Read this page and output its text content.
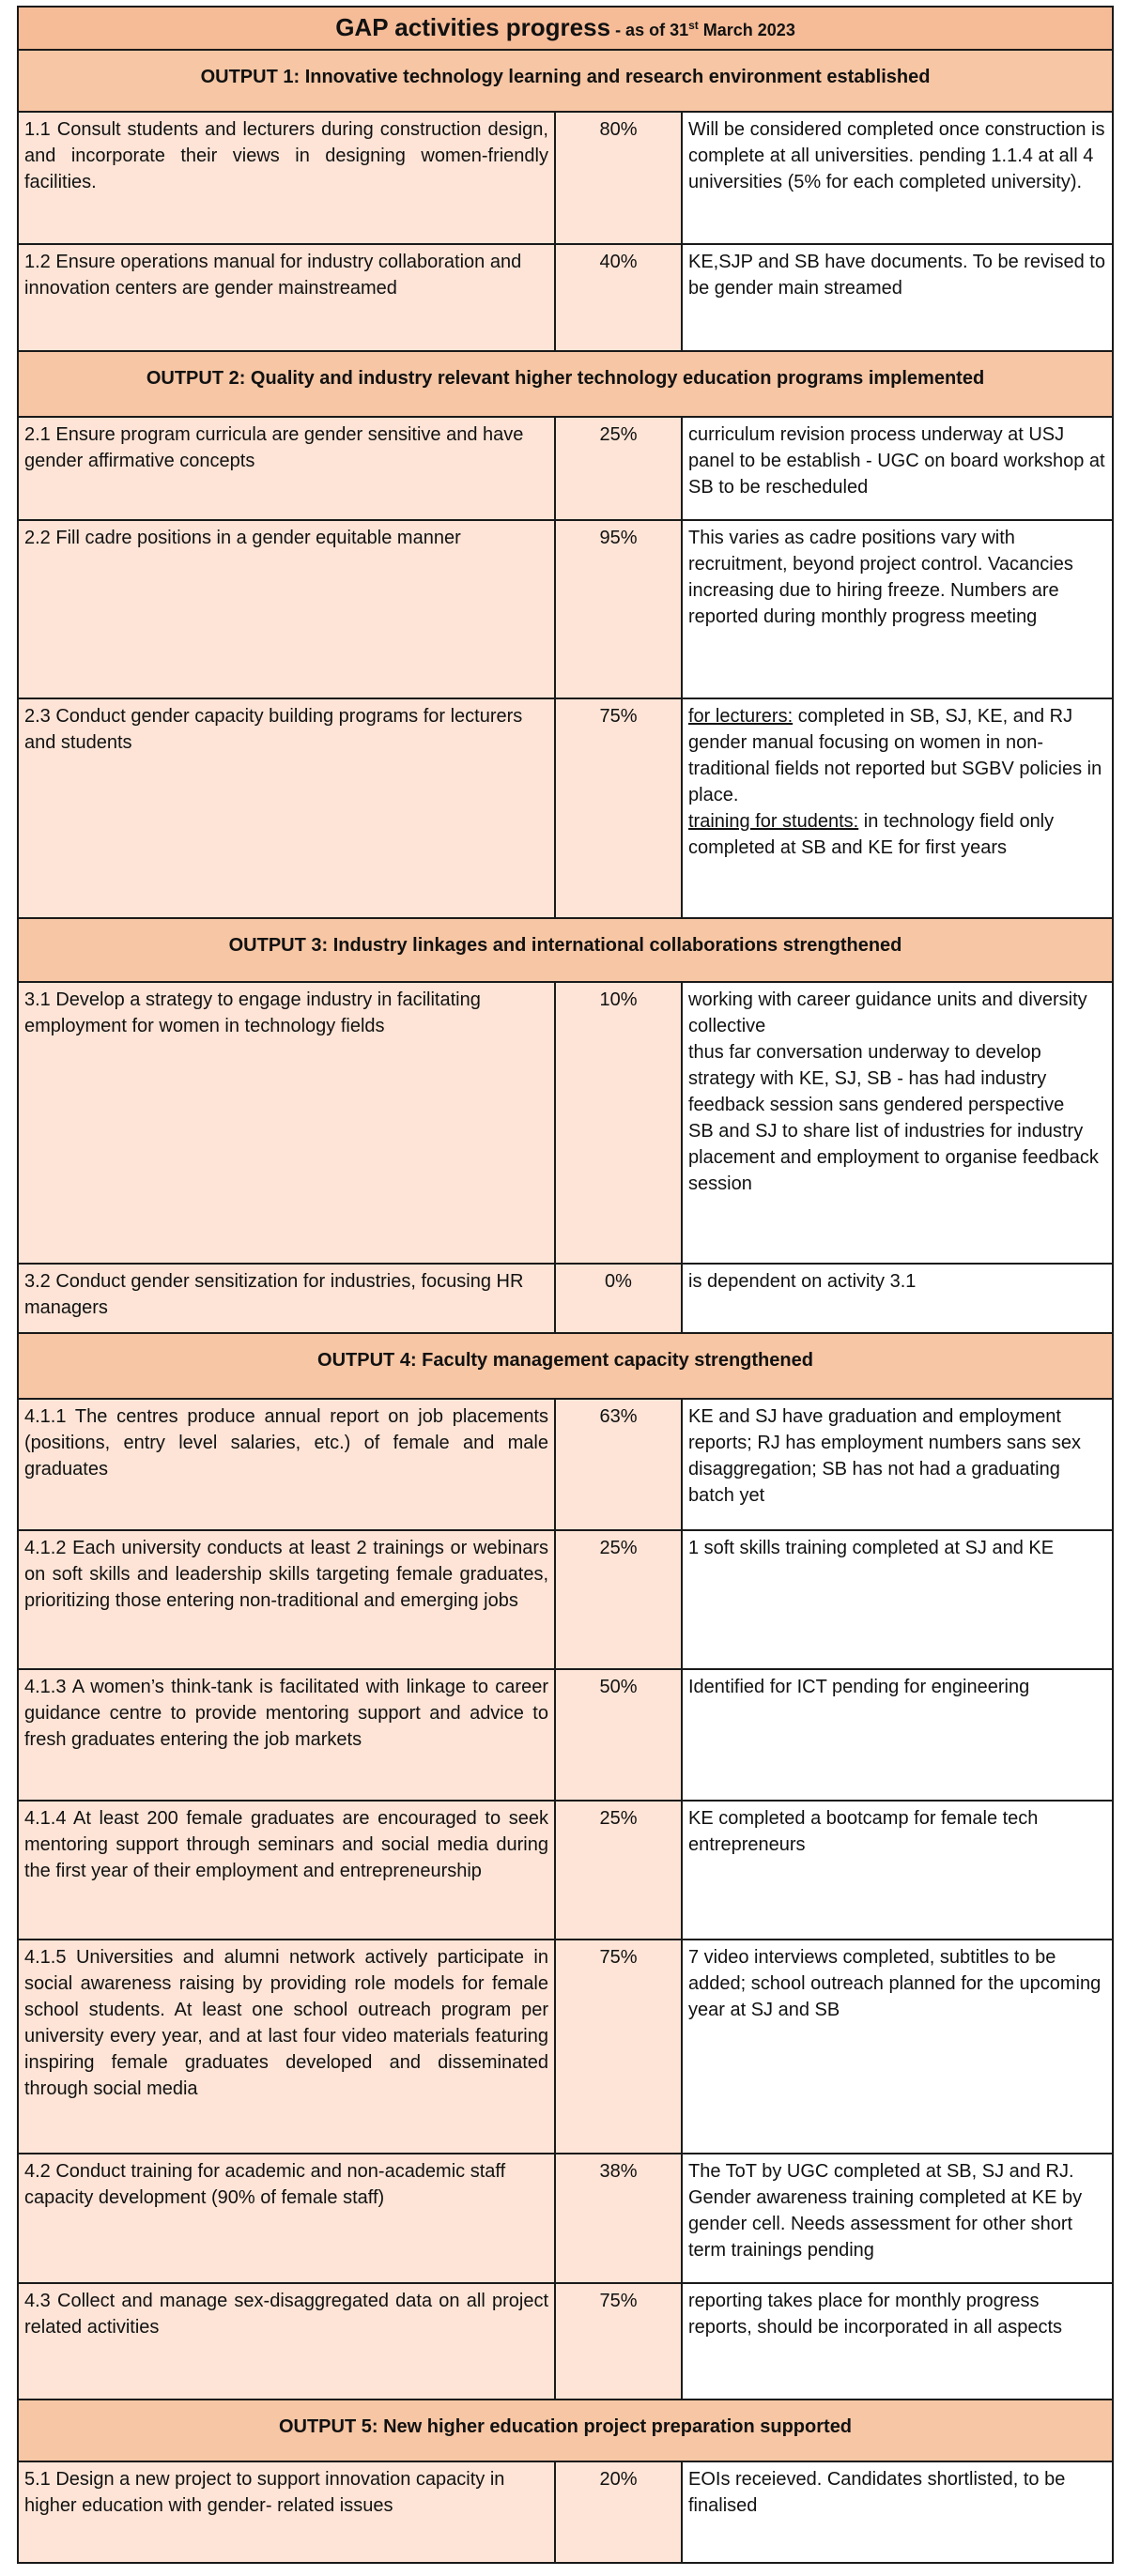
GAP activities progress - as of 31st March 2023		
OUTPUT 1: Innovative technology learning and research environment established		
1.1 Consult students and lecturers during construction design, and incorporate their views in designing women-friendly facilities.	80%	Will be considered completed once construction is complete at all universities. pending 1.1.4 at all 4 universities (5% for each completed university).
1.2 Ensure operations manual for industry collaboration and innovation centers are gender mainstreamed	40%	KE,SJP and SB have documents. To be revised to be gender main streamed
OUTPUT 2: Quality and industry relevant higher technology education programs implemented		
2.1 Ensure program curricula are gender sensitive and have gender affirmative concepts	25%	curriculum revision process underway at USJ panel to be establish - UGC on board workshop at SB to be rescheduled
2.2 Fill cadre positions in a gender equitable manner	95%	This varies as cadre positions vary with recruitment, beyond project control. Vacancies increasing due to hiring freeze. Numbers are reported during monthly progress meeting
2.3 Conduct gender capacity building programs for lecturers and students	75%	for lecturers: completed in SB, SJ, KE, and RJ gender manual focusing on women in non-traditional fields not reported but SGBV policies in place.
training for students: in technology field only completed at SB and KE for first years
OUTPUT 3: Industry linkages and international collaborations strengthened		
3.1 Develop a strategy to engage industry in facilitating employment for women in technology fields	10%	working with career guidance units and diversity collective
thus far conversation underway to develop strategy with KE, SJ, SB - has had industry feedback session sans gendered perspective
SB and SJ to share list of industries for industry placement and employment to organise feedback session
3.2 Conduct gender sensitization for industries, focusing HR managers	0%	is dependent on activity 3.1
OUTPUT 4: Faculty management capacity strengthened		
4.1.1 The centres produce annual report on job placements (positions, entry level salaries, etc.) of female and male graduates	63%	KE and SJ have graduation and employment reports; RJ has employment numbers sans sex disaggregation; SB has not had a graduating batch yet
4.1.2 Each university conducts at least 2 trainings or webinars on soft skills and leadership skills targeting female graduates, prioritizing those entering non-traditional and emerging jobs	25%	1 soft skills training completed at SJ and KE
4.1.3 A women’s think-tank is facilitated with linkage to career guidance centre to provide mentoring support and advice to fresh graduates entering the job markets	50%	Identified for ICT pending for engineering
4.1.4 At least 200 female graduates are encouraged to seek mentoring support through seminars and social media during the first year of their employment and entrepreneurship	25%	KE completed a bootcamp for female tech entrepreneurs
4.1.5 Universities and alumni network actively participate in social awareness raising by providing role models for female school students. At least one school outreach program per university every year, and at last four video materials featuring inspiring female graduates developed and disseminated through social media	75%	7 video interviews completed, subtitles to be added; school outreach planned for the upcoming year at SJ and SB
4.2 Conduct training for academic and non-academic staff capacity development (90% of female staff)	38%	The ToT by UGC completed at SB, SJ and RJ. Gender awareness training completed at KE by gender cell. Needs assessment for other short term trainings pending
4.3 Collect and manage sex-disaggregated data on all project related activities	75%	reporting takes place for monthly progress reports, should be incorporated in all aspects
OUTPUT 5: New higher education project preparation supported		
5.1 Design a new project to support innovation capacity in higher education with gender- related issues	20%	EOIs receieved. Candidates shortlisted, to be finalised
